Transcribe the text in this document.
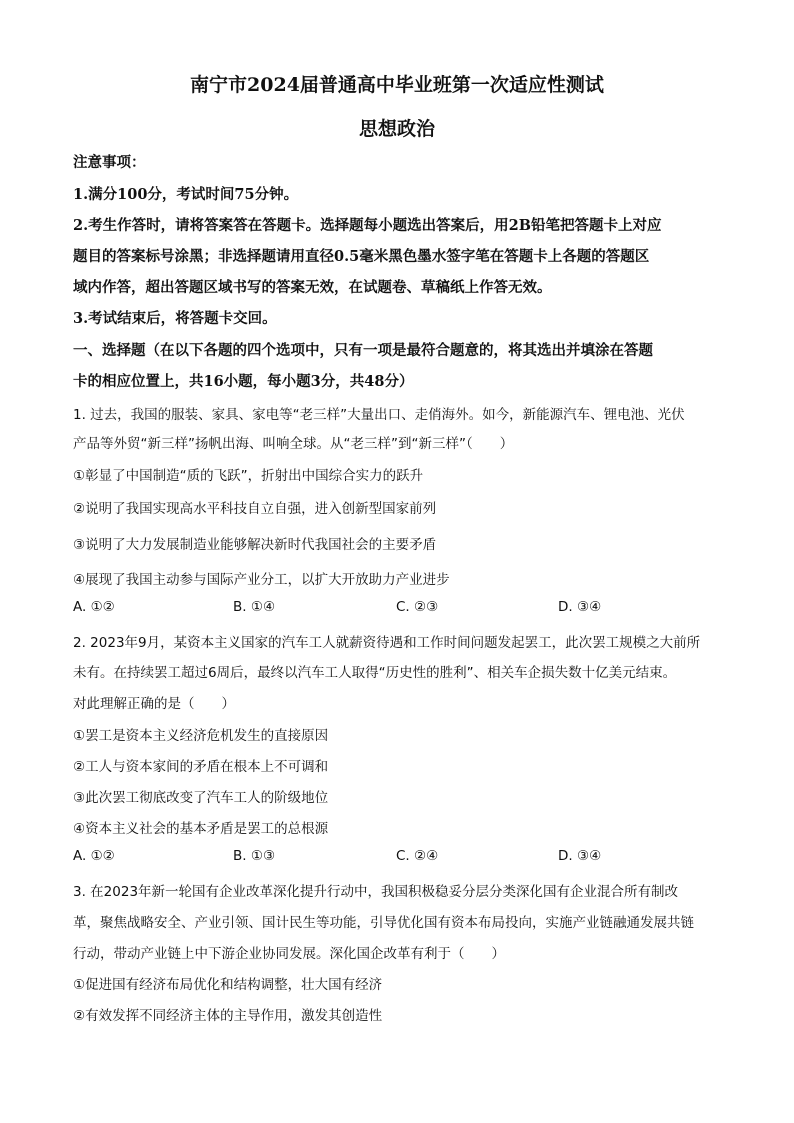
南宁市2024届普通高中毕业班第一次适应性测试
思想政治
注意事项：
1.满分100分，考试时间75分钟。
2.考生作答时，请将答案答在答题卡。选择题每小题选出答案后，用2B铅笔把答题卡上对应
题目的答案标号涂黑；非选择题请用直径0.5毫米黑色墨水签字笔在答题卡上各题的答题区
域内作答，超出答题区域书写的答案无效，在试题卷、草稿纸上作答无效。
3.考试结束后，将答题卡交回。
一、选择题（在以下各题的四个选项中，只有一项是最符合题意的，将其选出并填涂在答题
卡的相应位置上，共16小题，每小题3分，共48分）
1. 过去，我国的服装、家具、家电等“老三样”大量出口、走俏海外。如今，新能源汽车、锂电池、光伏
产品等外贸“新三样”扬帆出海、叫响全球。从“老三样”到“新三样”（　　）
①彰显了中国制造“质的飞跃”，折射出中国综合实力的跃升
②说明了我国实现高水平科技自立自强，进入创新型国家前列
③说明了大力发展制造业能够解决新时代我国社会的主要矛盾
④展现了我国主动参与国际产业分工，以扩大开放助力产业进步
A. ①②	B. ①④	C. ②③	D. ③④
2. 2023年9月，某资本主义国家的汽车工人就薪资待遇和工作时间问题发起罢工，此次罢工规模之大前所
未有。在持续罢工超过6周后，最终以汽车工人取得“历史性的胜利”、相关车企损失数十亿美元结束。
对此理解正确的是（　　）
①罢工是资本主义经济危机发生的直接原因
②工人与资本家间的矛盾在根本上不可调和
③此次罢工彻底改变了汽车工人的阶级地位
④资本主义社会的基本矛盾是罢工的总根源
A. ①②	B. ①③	C. ②④	D. ③④
3. 在2023年新一轮国有企业改革深化提升行动中，我国积极稳妥分层分类深化国有企业混合所有制改
革，聚焦战略安全、产业引领、国计民生等功能，引导优化国有资本布局投向，实施产业链融通发展共链
行动，带动产业链上中下游企业协同发展。深化国企改革有利于（　　）
①促进国有经济布局优化和结构调整，壮大国有经济
②有效发挥不同经济主体的主导作用，激发其创造性
